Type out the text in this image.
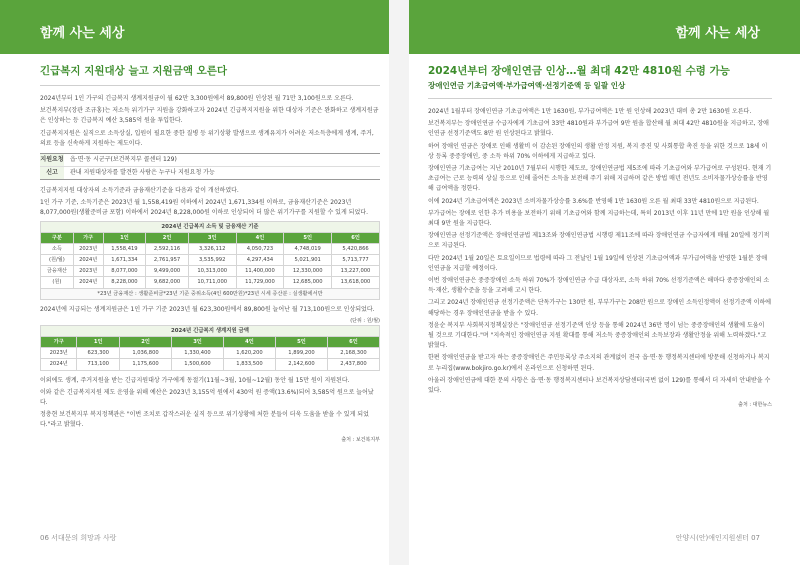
함께 사는 세상	함께 사는 세상
긴급복지 지원대상 늘고 지원금액 오른다

2024년부터 1인 가구의 긴급복지 생계지원금이 월 62만 3,300원에서 89,800원 인상된 월 71만 3,100원으로 오른다.

보건복지부(장관 조규홍)는 저소득 위기가구 지원을 강화하고자 2024년 긴급복지지원을 위한 대상자 기준은 완화하고 생계지원금은 인상하는 등 긴급복지 예산 3,585억 원을 투입한다.

긴급복지지원은 실직으로 소득상실, 입원이 필요한 중한 질병 등 위기상황 발생으로 생계유지가 어려운 저소득층에게 생계, 주거, 의료 등을 신속하게 지원하는 제도이다.

지원요청	읍·면·동 시군구(보건복지부 콜센터 129)
신고	관내 지원대상자를 발견한 사람은 누구나 지원요청 가능

긴급복지지원 대상자의 소득기준과 금융재산기준을 다음과 같이 개선하였다.

1인 가구 기준, 소득기준은 2023년 월 1,558,419원 이하에서 2024년 1,671,334원 이하로, 금융재산기준은 2023년 8,077,000원(생활준비금 포함) 이하에서 2024년 8,228,000원 이하로 인상되어 더 많은 위기가구를 지원할 수 있게 되었다.

2024년 긴급복지 소득 및 금융재산 기준
구분	가구	1인	2인	3인	4인	5인	6인
소득	2023년	1,558,419	2,592,116	3,326,112	4,050,723	4,748,019	5,420,866
(원/월)	2024년	1,671,334	2,761,957	3,535,992	4,297,434	5,021,901	5,713,777
금융재산	2023년	8,077,000	9,499,000	10,313,000	11,400,000	12,330,000	13,227,000
(원)	2024년	8,228,000	9,682,000	10,711,000	11,729,000	12,685,000	13,618,000
*23년 금융재산 : 생활준비금*23년 기준 중위소득(4인 600만원)*23년 시세 증산분 : 실생활에서만							

2024년에 지급되는 생계지원금은 1인 가구 기준 2023년 월 623,300원에서 89,800원 늘어난 월 713,100원으로 인상되었다.

(단위 : 원/월)
2024년 긴급복지 생계지원 금액
가구	1인	2인	3인	4인	5인	6인
2023년	623,300	1,036,800	1,330,400	1,620,200	1,899,200	2,168,300
2024년	713,100	1,175,600	1,500,600	1,833,500	2,142,600	2,437,800

이외에도 생계, 주거지원을 받는 긴급지원대상 가구에게 동절기(11월~3월, 10월~12월) 동안 월 15만 원이 지원된다.

이와 같은 긴급복지지원 제도 운영을 위해 예산은 2023년 3,155억 원에서 430억 원 증액(13.6%)되어 3,585억 원으로 늘어났다.

정충현 보건복지부 복지정책관은 "이번 조치로 갑작스러운 실직 등으로 위기상황에 처한 분들이 더욱 도움을 받을 수 있게 되었다."라고 밝혔다.

출처 : 보건복지부
2024년부터 장애인연금 인상…월 최대 42만 4810원 수령 가능
장애인연금 기초급여액·부가급여액·선정기준액 등 일괄 인상

2024년 1월부터 장애인연금 기초급여액은 1만 1630원, 부가급여액은 1만 원 인상해 2023년 대비 총 2만 1630원 오른다.

보건복지부는 장애인연금 수급자에게 기초급여 33만 4810원과 부가급여 9만 원을 합산해 월 최대 42만 4810원을 지급하고, 장애인연금 선정기준액도 8만 원 인상된다고 밝혔다.

하여 장애인 연금은 장애로 인해 생활비 이 감손된 장애인의 생활 안정 지원, 복지 증진 및 사회통합 촉진 등을 위한 것으로 18세 이상 등록 중증장애인, 중 소득 하위 70% 이하에게 지급하고 있다.

장애인연금 기초급여는 지난 2010년 7월부터 시행한 제도로, 장애인연금법 제5조에 따라 기초급여와 부가급여로 구성된다. 현재 기초급여는 근로 능력의 상실 등으로 인해 줄어든 소득을 보전해 주기 위해 지급하며 같은 방법 매년 전년도 소비자물가상승률을 반영해 급여액을 정한다.

이에 2024년 기초급여액은 2023년 소비자물가상승률 3.6%를 반영해 1만 1630원 오른 월 최대 33만 4810원으로 지급된다.

부가급여는 장애로 인한 추가 비용을 보전하기 위해 기초급여와 함께 지급하는데, 특히 2013년 이후 11년 만에 1만 원을 인상해 월 최대 9만 원을 지급한다.

장애인연금 선정기준액은 장애인연금법 제13조와 장애인연금법 시행령 제11조에 따라 장애인연금 수급자에게 매월 20일에 정기적으로 지급된다.

다만 2024년 1월 20일은 토요일이므로 법령에 따라 그 전날인 1월 19일에 인상된 기초급여액과 부가급여액을 반영한 1월분 장애인연금을 지급할 예정이다.

이번 장애인연금은 중증장애인 소득 하위 70%가 장애인연금 수급 대상자로, 소득 하위 70% 선정기준액은 해마다 중증장애인의 소득·재산, 생활수준을 등을 고려해 고시 한다.

그리고 2024년 장애인연금 선정기준액은 단독가구는 130만 원, 부부가구는 208만 원으로 장애인 소득인정액이 선정기준액 이하에 해당하는 경우 장애인연금을 받을 수 있다.

정윤순 복지부 사회복지정책실장은 "장애인연금 선정기준액 인상 등을 통해 2024년 36만 명이 넘는 중증장애인의 생활에 도움이 될 것으로 기대한다."며 "지속적인 장애인연금 지원 확대를 통해 저소득 중증장애인의 소득보장과 생활안정을 위해 노력하겠다."고 밝혔다.

한편 장애인연금을 받고자 하는 중증장애인은 주민등록상 주소지의 관계없이 전국 읍·면·동 행정복지센터에 방문해 신청하거나 복지로 누리집(www.bokjiro.go.kr)에서 온라인으로 신청하면 된다.

아울러 장애인연금에 대한 문의 사항은 읍·면·동 행정복지센터나 보건복지상담센터(국번 없이 129)를 통해서 더 자세히 안내받을 수 있다.

출처 : 대한뉴스
06 서대문의 희망과 사랑	안양시(안)애인지원센터 07
